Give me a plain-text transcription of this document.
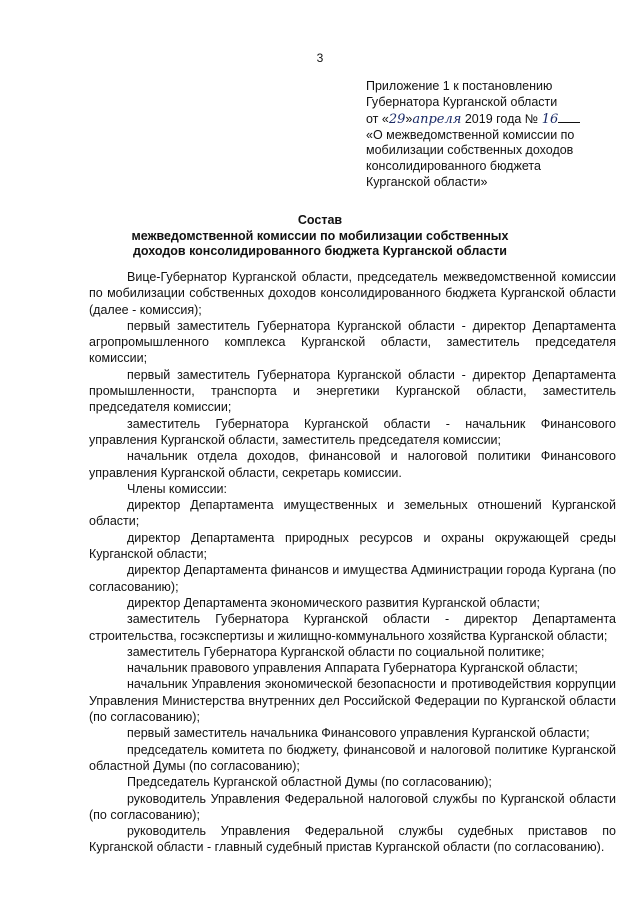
3
Приложение 1 к постановлению
Губернатора Курганской области
от «29»апреля 2019 года № 16
«О межведомственной комиссии по
мобилизации собственных доходов
консолидированного бюджета
Курганской области»
Состав
межведомственной комиссии по мобилизации собственных
доходов консолидированного бюджета Курганской области

Вице-Губернатор Курганской области, председатель межведомственной комиссии по мобилизации собственных доходов консолидированного бюджета Курганской области (далее - комиссия);

первый заместитель Губернатора Курганской области - директор Департамента агропромышленного комплекса Курганской области, заместитель председателя комиссии;

первый заместитель Губернатора Курганской области - директор Департамента промышленности, транспорта и энергетики Курганской области, заместитель председателя комиссии;

заместитель Губернатора Курганской области - начальник Финансового управления Курганской области, заместитель председателя комиссии;

начальник отдела доходов, финансовой и налоговой политики Финансового управления Курганской области, секретарь комиссии.

Члены комиссии:

директор Департамента имущественных и земельных отношений Курганской области;

директор Департамента природных ресурсов и охраны окружающей среды Курганской области;

директор Департамента финансов и имущества Администрации города Кургана (по согласованию);

директор Департамента экономического развития Курганской области;

заместитель Губернатора Курганской области - директор Департамента строительства, госэкспертизы и жилищно-коммунального хозяйства Курганской области;

заместитель Губернатора Курганской области по социальной политике;

начальник правового управления Аппарата Губернатора Курганской области;

начальник Управления экономической безопасности и противодействия коррупции Управления Министерства внутренних дел Российской Федерации по Курганской области (по согласованию);

первый заместитель начальника Финансового управления Курганской области;

председатель комитета по бюджету, финансовой и налоговой политике Курганской областной Думы (по согласованию);

Председатель Курганской областной Думы (по согласованию);

руководитель Управления Федеральной налоговой службы по Курганской области (по согласованию);

руководитель Управления Федеральной службы судебных приставов по Курганской области - главный судебный пристав Курганской области (по согласованию).
